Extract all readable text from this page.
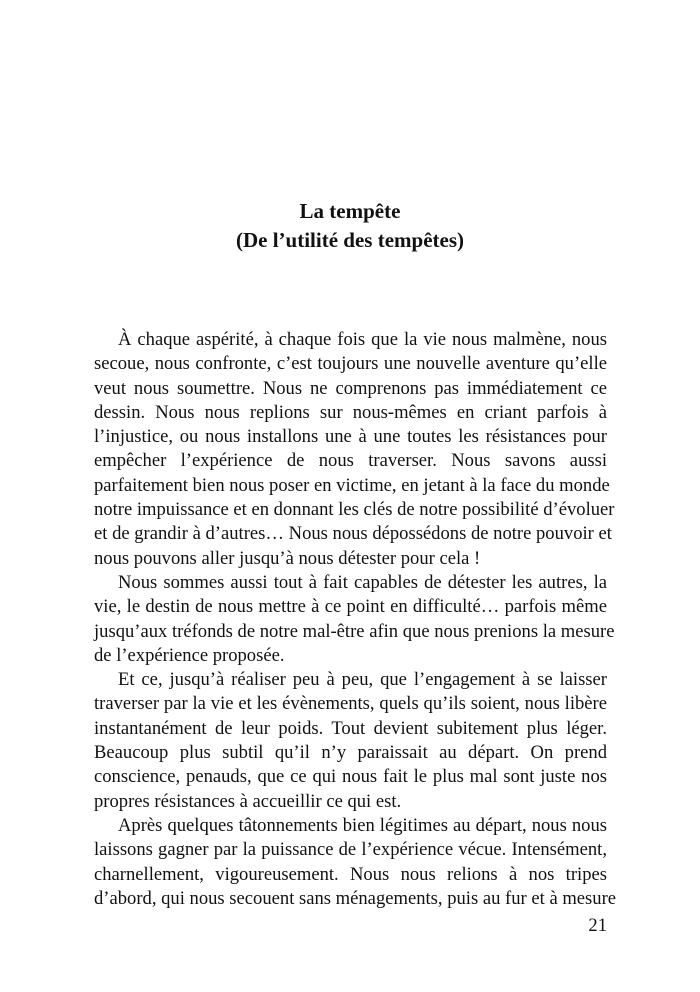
La tempête
(De l’utilité des tempêtes)
À chaque aspérité, à chaque fois que la vie nous malmène, nous
secoue, nous confronte, c’est toujours une nouvelle aventure qu’elle
veut nous soumettre. Nous ne comprenons pas immédiatement ce
dessin. Nous nous replions sur nous-mêmes en criant parfois à
l’injustice, ou nous installons une à une toutes les résistances pour
empêcher l’expérience de nous traverser. Nous savons aussi
parfaitement bien nous poser en victime, en jetant à la face du monde
notre impuissance et en donnant les clés de notre possibilité d’évoluer
et de grandir à d’autres… Nous nous dépossédons de notre pouvoir et
nous pouvons aller jusqu’à nous détester pour cela !
Nous sommes aussi tout à fait capables de détester les autres, la
vie, le destin de nous mettre à ce point en difficulté… parfois même
jusqu’aux tréfonds de notre mal-être afin que nous prenions la mesure
de l’expérience proposée.
Et ce, jusqu’à réaliser peu à peu, que l’engagement à se laisser
traverser par la vie et les évènements, quels qu’ils soient, nous libère
instantanément de leur poids. Tout devient subitement plus léger.
Beaucoup plus subtil qu’il n’y paraissait au départ. On prend
conscience, penauds, que ce qui nous fait le plus mal sont juste nos
propres résistances à accueillir ce qui est.
Après quelques tâtonnements bien légitimes au départ, nous nous
laissons gagner par la puissance de l’expérience vécue. Intensément,
charnellement, vigoureusement. Nous nous relions à nos tripes
d’abord, qui nous secouent sans ménagements, puis au fur et à mesure
21
